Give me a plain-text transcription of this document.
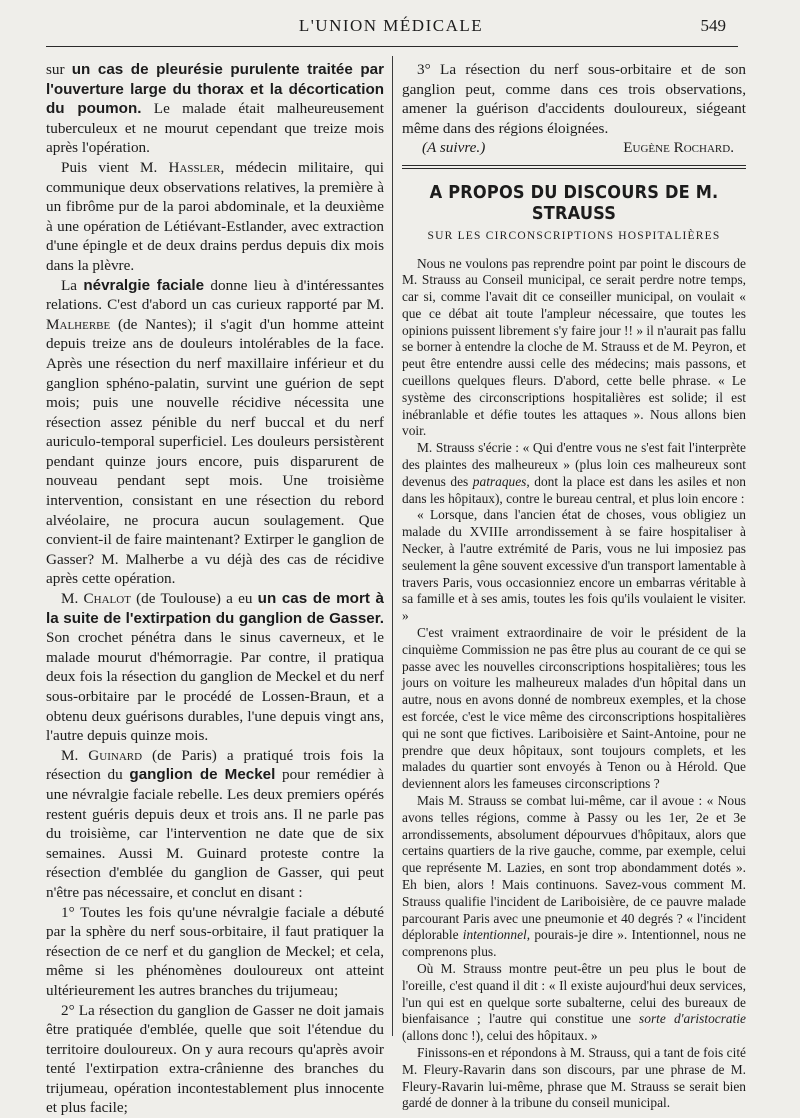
L'UNION MÉDICALE	549

sur un cas de pleurésie purulente traitée par l'ouverture large du thorax et la décortication du poumon. Le malade était malheureusement tuberculeux et ne mourut cependant que treize mois après l'opération.

Puis vient M. Hassler, médecin militaire, qui communique deux observations relatives, la première à un fibrôme pur de la paroi abdominale, et la deuxième à une opération de Létiévant-Estlander, avec extraction d'une épingle et de deux drains perdus depuis dix mois dans la plèvre.

La névralgie faciale donne lieu à d'intéressantes relations. C'est d'abord un cas curieux rapporté par M. Malherbe (de Nantes); il s'agit d'un homme atteint depuis treize ans de douleurs intolérables de la face. Après une résection du nerf maxillaire inférieur et du ganglion sphéno-palatin, survint une guérion de sept mois; puis une nouvelle récidive nécessita une résection assez pénible du nerf buccal et du nerf auriculo-temporal superficiel. Les douleurs persistèrent pendant quinze jours encore, puis disparurent de nouveau pendant sept mois. Une troisième intervention, consistant en une résection du rebord alvéolaire, ne procura aucun soulagement. Que convient-il de faire maintenant? Extirper le ganglion de Gasser? M. Malherbe a vu déjà des cas de récidive après cette opération.

M. Chalot (de Toulouse) a eu un cas de mort à la suite de l'extirpation du ganglion de Gasser. Son crochet pénétra dans le sinus caverneux, et le malade mourut d'hémorragie. Par contre, il pratiqua deux fois la résection du ganglion de Meckel et du nerf sous-orbitaire par le procédé de Lossen-Braun, et a obtenu deux guérisons durables, l'une depuis vingt ans, l'autre depuis quinze mois.

M. Guinard (de Paris) a pratiqué trois fois la résection du ganglion de Meckel pour remédier à une névralgie faciale rebelle. Les deux premiers opérés restent guéris depuis deux et trois ans. Il ne parle pas du troisième, car l'intervention ne date que de six semaines. Aussi M. Guinard proteste contre la résection d'emblée du ganglion de Gasser, qui peut n'être pas nécessaire, et conclut en disant :

1° Toutes les fois qu'une névralgie faciale a débuté par la sphère du nerf sous-orbitaire, il faut pratiquer la résection de ce nerf et du ganglion de Meckel; et cela, même si les phénomènes douloureux ont atteint ultérieurement les autres branches du trijumeau;

2° La résection du ganglion de Gasser ne doit jamais être pratiquée d'emblée, quelle que soit l'étendue du territoire douloureux. On y aura recours qu'après avoir tenté l'extirpation extra-crânienne des branches du trijumeau, opération incontestablement plus innocente et plus facile;

3° La résection du nerf sous-orbitaire et de son ganglion peut, comme dans ces trois observations, amener la guérison d'accidents douloureux, siégeant même dans des régions éloignées.

(A suivre.)	Eugène Rochard.
A PROPOS DU DISCOURS DE M. STRAUSS
SUR LES CIRCONSCRIPTIONS HOSPITALIÈRES

Nous ne voulons pas reprendre point par point le discours de M. Strauss au Conseil municipal, ce serait perdre notre temps, car si, comme l'avait dit ce conseiller municipal, on voulait « que ce débat ait toute l'ampleur nécessaire, que toutes les opinions puissent librement s'y faire jour !! » il n'aurait pas fallu se borner à entendre la cloche de M. Strauss et de M. Peyron, et peut être entendre aussi celle des médecins; mais passons, et cueillons quelques fleurs. D'abord, cette belle phrase. « Le système des circonscriptions hospitalières est solide; il est inébranlable et défie toutes les attaques ». Nous allons bien voir.

M. Strauss s'écrie : « Qui d'entre vous ne s'est fait l'interprète des plaintes des malheureux » (plus loin ces malheureux sont devenus des patraques, dont la place est dans les asiles et non dans les hôpitaux), contre le bureau central, et plus loin encore :

« Lorsque, dans l'ancien état de choses, vous obligiez un malade du XVIIIe arrondissement à se faire hospitaliser à Necker, à l'autre extrémité de Paris, vous ne lui imposiez pas seulement la gêne souvent excessive d'un transport lamentable à travers Paris, vous occasionniez encore un embarras véritable à sa famille et à ses amis, toutes les fois qu'ils voulaient le visiter. »

C'est vraiment extraordinaire de voir le président de la cinquième Commission ne pas être plus au courant de ce qui se passe avec les nouvelles circonscriptions hospitalières; tous les jours on voiture les malheureux malades d'un hôpital dans un autre, nous en avons donné de nombreux exemples, et la chose est forcée, c'est le vice même des circonscriptions hospitalières qui ne sont que fictives. Lariboisière et Saint-Antoine, pour ne prendre que deux hôpitaux, sont toujours complets, et les malades du quartier sont envoyés à Tenon ou à Hérold. Que deviennent alors les fameuses circonscriptions ?

Mais M. Strauss se combat lui-même, car il avoue : « Nous avons telles régions, comme à Passy ou les 1er, 2e et 3e arrondissements, absolument dépourvues d'hôpitaux, alors que certains quartiers de la rive gauche, comme, par exemple, celui que représente M. Lazies, en sont trop abondamment dotés ». Eh bien, alors ! Mais continuons. Savez-vous comment M. Strauss qualifie l'incident de Lariboisière, de ce pauvre malade parcourant Paris avec une pneumonie et 40 degrés ? « l'incident déplorable intentionnel, pourais-je dire ». Intentionnel, nous ne comprenons plus.

Où M. Strauss montre peut-être un peu plus le bout de l'oreille, c'est quand il dit : « Il existe aujourd'hui deux services, l'un qui est en quelque sorte subalterne, celui des bureaux de bienfaisance ; l'autre qui constitue une sorte d'aristocratie (allons donc !), celui des hôpitaux. »

Finissons-en et répondons à M. Strauss, qui a tant de fois cité M. Fleury-Ravarin dans son discours, par une phrase de M. Fleury-Ravarin lui-même, phrase que M. Strauss se serait bien gardé de donner à la tribune du conseil municipal.
